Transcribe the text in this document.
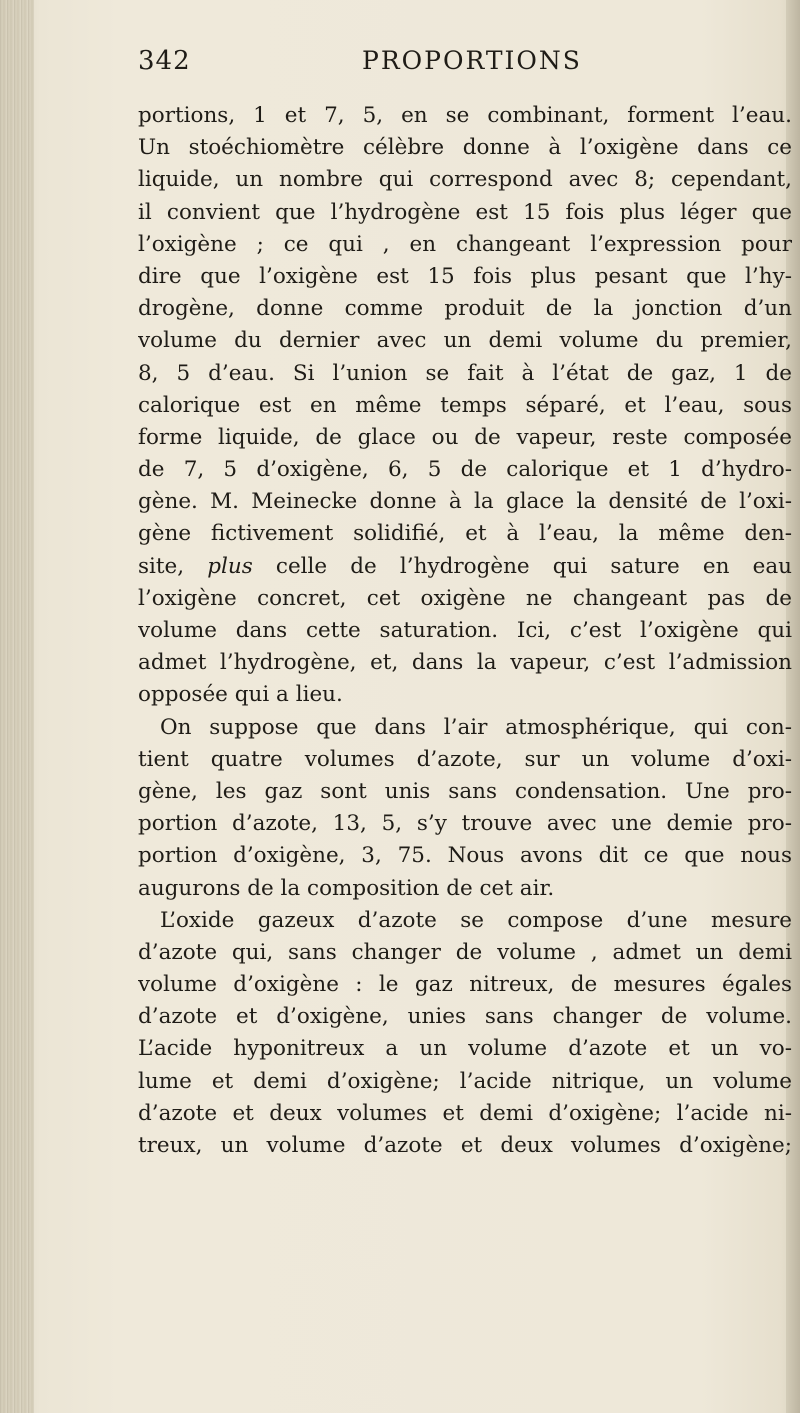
342	PROPORTIONS
portions, 1 et 7, 5, en se combinant, forment l’eau.
Un stoéchiomètre célèbre donne à l’oxigène dans ce
liquide, un nombre qui correspond avec 8; cependant,
il convient que l’hydrogène est 15 fois plus léger que
l’oxigène ; ce qui , en changeant l’expression pour
dire que l’oxigène est 15 fois plus pesant que l’hy-
drogène, donne comme produit de la jonction d’un
volume du dernier avec un demi volume du premier,
8, 5 d’eau. Si l’union se fait à l’état de gaz, 1 de
calorique est en même temps séparé, et l’eau, sous
forme liquide, de glace ou de vapeur, reste composée
de 7, 5 d’oxigène, 6, 5 de calorique et 1 d’hydro-
gène. M. Meinecke donne à la glace la densité de l’oxi-
gène fictivement solidifié, et à l’eau, la même den-
site, plus celle de l’hydrogène qui sature en eau
l’oxigène concret, cet oxigène ne changeant pas de
volume dans cette saturation. Ici, c’est l’oxigène qui
admet l’hydrogène, et, dans la vapeur, c’est l’admission
opposée qui a lieu.
On suppose que dans l’air atmosphérique, qui con-
tient quatre volumes d’azote, sur un volume d’oxi-
gène, les gaz sont unis sans condensation. Une pro-
portion d’azote, 13, 5, s’y trouve avec une demie pro-
portion d’oxigène, 3, 75. Nous avons dit ce que nous
augurons de la composition de cet air.
L’oxide gazeux d’azote se compose d’une mesure
d’azote qui, sans changer de volume , admet un demi
volume d’oxigène : le gaz nitreux, de mesures égales
d’azote et d’oxigène, unies sans changer de volume.
L’acide hyponitreux a un volume d’azote et un vo-
lume et demi d’oxigène; l’acide nitrique, un volume
d’azote et deux volumes et demi d’oxigène; l’acide ni-
treux, un volume d’azote et deux volumes d’oxigène;
